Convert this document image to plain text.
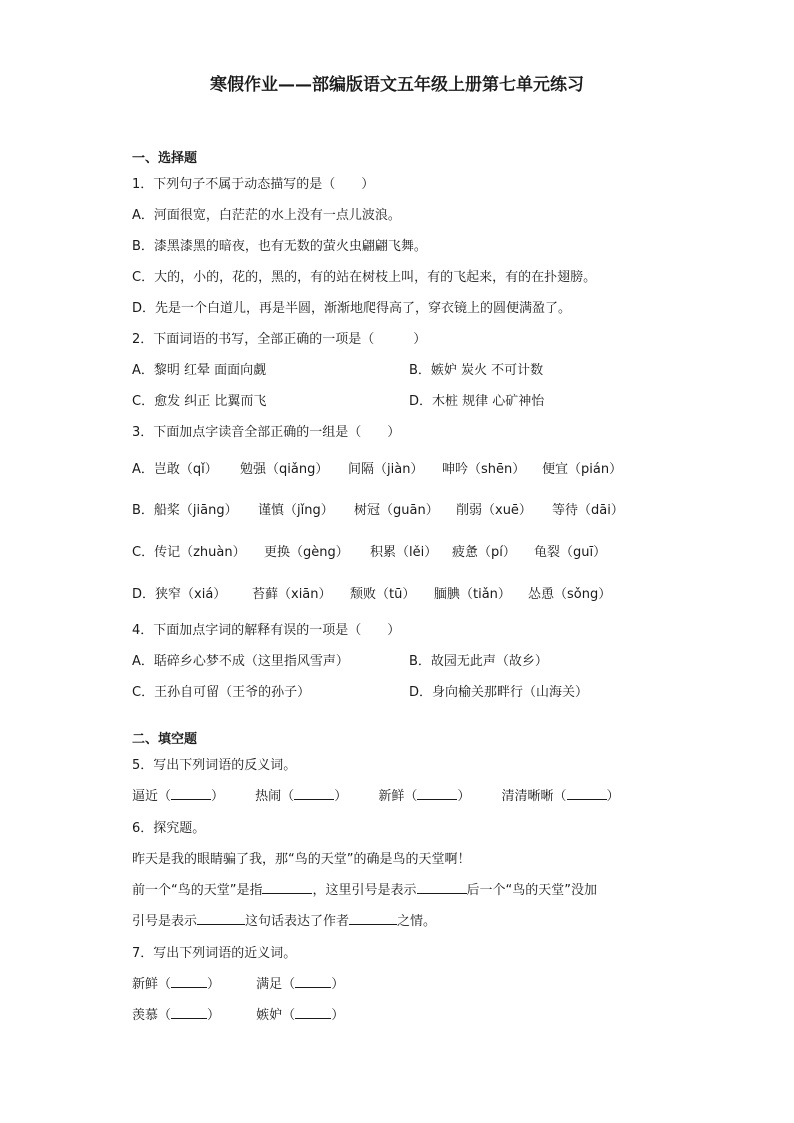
寒假作业——部编版语文五年级上册第七单元练习
一、选择题
1．下列句子不属于动态描写的是（　　）
A．河面很宽，白茫茫的水上没有一点儿波浪。
B．漆黑漆黑的暗夜，也有无数的萤火虫翩翩飞舞。
C．大的，小的，花的，黑的，有的站在树枝上叫，有的飞起来，有的在扑翅膀。
D．先是一个白道儿，再是半圆，渐渐地爬得高了，穿衣镜上的圆便满盈了。
2．下面词语的书写，全部正确的一项是（　　　）
A．黎明 红晕 面面向觑	B．嫉妒 炭火 不可计数
C．愈发 纠正 比翼而飞	D．木桩 规律 心矿神怡
3．下面加点字读音全部正确的一组是（　　）
A．岂敢（qǐ） 勉强（qiǎng） 间隔（jiàn） 呻吟（shēn） 便宜（pián）
B．船桨（jiāng） 谨慎（jǐng） 树冠（guān） 削弱（xuē） 等待（dāi）
C．传记（zhuàn） 更换（gèng） 积累（lěi） 疲惫（pí） 龟裂（guī）
D．狭窄（xiá） 苔藓（xiān） 颓败（tū） 腼腆（tiǎn） 怂恿（sǒng）
4．下面加点字词的解释有误的一项是（　　）
A．聒碎乡心梦不成（这里指风雪声）	B．故园无此声（故乡）
C．王孙自可留（王爷的孙子）	D．身向榆关那畔行（山海关）
二、填空题
5．写出下列词语的反义词。
逼近（	） 热闹（	） 新鲜（	） 清清晰晰（	）
6．探究题。
昨天是我的眼睛骗了我，那“鸟的天堂”的确是鸟的天堂啊！
前一个“鸟的天堂”是指	，这里引号是表示	后一个“鸟的天堂”没加
引号是表示	这句话表达了作者	之情。
7．写出下列词语的近义词。
新鲜（	）	满足（	）
羡慕（	）	嫉妒（	）
